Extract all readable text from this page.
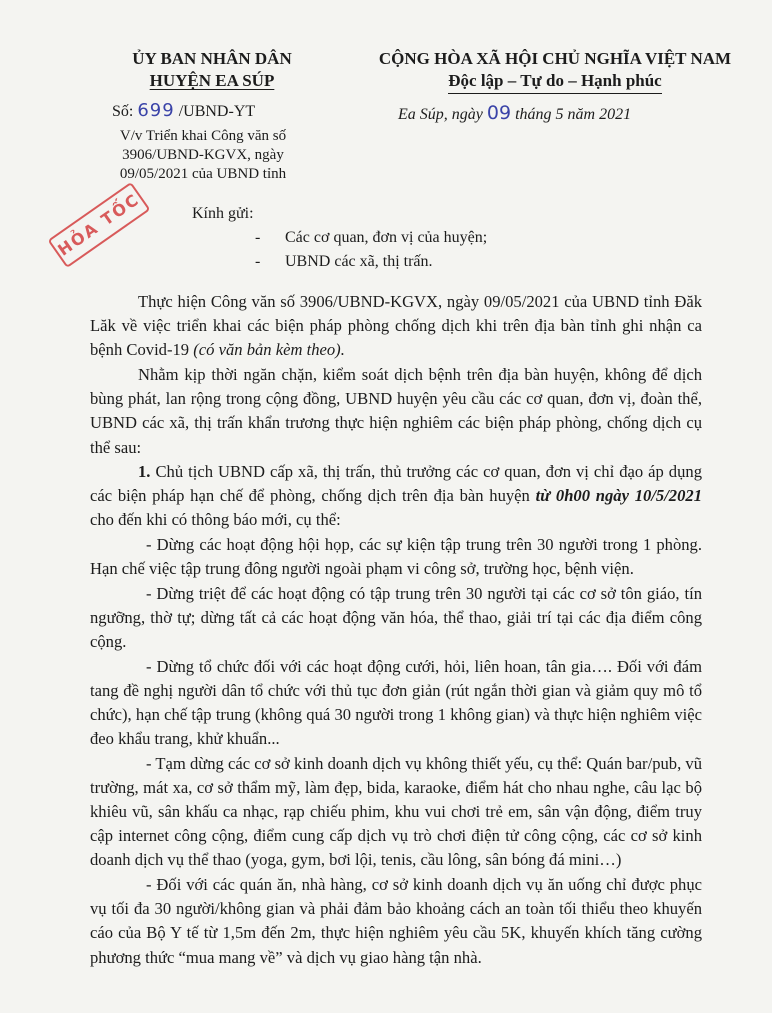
ỦY BAN NHÂN DÂN
HUYỆN EA SÚP
CỘNG HÒA XÃ HỘI CHỦ NGHĨA VIỆT NAM
Độc lập – Tự do – Hạnh phúc
Số: 699 /UBND-YT	Ea Súp, ngày 09 tháng 5 năm 2021
V/v Triển khai Công văn số
3906/UBND-KGVX, ngày
09/05/2021 của UBND tỉnh
HỎA TỐC	Kính gửi:
- Các cơ quan, đơn vị của huyện;
- UBND các xã, thị trấn.

Thực hiện Công văn số 3906/UBND-KGVX, ngày 09/05/2021 của UBND tỉnh Đăk Lăk về việc triển khai các biện pháp phòng chống dịch khi trên địa bàn tỉnh ghi nhận ca bệnh Covid-19 (có văn bản kèm theo).

Nhằm kịp thời ngăn chặn, kiểm soát dịch bệnh trên địa bàn huyện, không để dịch bùng phát, lan rộng trong cộng đồng, UBND huyện yêu cầu các cơ quan, đơn vị, đoàn thể, UBND các xã, thị trấn khẩn trương thực hiện nghiêm các biện pháp phòng, chống dịch cụ thể sau:

1. Chủ tịch UBND cấp xã, thị trấn, thủ trưởng các cơ quan, đơn vị chỉ đạo áp dụng các biện pháp hạn chế để phòng, chống dịch trên địa bàn huyện từ 0h00 ngày 10/5/2021 cho đến khi có thông báo mới, cụ thể:

- Dừng các hoạt động hội họp, các sự kiện tập trung trên 30 người trong 1 phòng. Hạn chế việc tập trung đông người ngoài phạm vi công sở, trường học, bệnh viện.

- Dừng triệt để các hoạt động có tập trung trên 30 người tại các cơ sở tôn giáo, tín ngưỡng, thờ tự; dừng tất cả các hoạt động văn hóa, thể thao, giải trí tại các địa điểm công cộng.

- Dừng tổ chức đối với các hoạt động cưới, hỏi, liên hoan, tân gia…. Đối với đám tang đề nghị người dân tổ chức với thủ tục đơn giản (rút ngắn thời gian và giảm quy mô tổ chức), hạn chế tập trung (không quá 30 người trong 1 không gian) và thực hiện nghiêm việc đeo khẩu trang, khử khuẩn...

- Tạm dừng các cơ sở kinh doanh dịch vụ không thiết yếu, cụ thể: Quán bar/pub, vũ trường, mát xa, cơ sở thẩm mỹ, làm đẹp, bida, karaoke, điểm hát cho nhau nghe, câu lạc bộ khiêu vũ, sân khấu ca nhạc, rạp chiếu phim, khu vui chơi trẻ em, sân vận động, điểm truy cập internet công cộng, điểm cung cấp dịch vụ trò chơi điện tử công cộng, các cơ sở kinh doanh dịch vụ thể thao (yoga, gym, bơi lội, tenis, cầu lông, sân bóng đá mini…)

- Đối với các quán ăn, nhà hàng, cơ sở kinh doanh dịch vụ ăn uống chỉ được phục vụ tối đa 30 người/không gian và phải đảm bảo khoảng cách an toàn tối thiểu theo khuyến cáo của Bộ Y tế từ 1,5m đến 2m, thực hiện nghiêm yêu cầu 5K, khuyến khích tăng cường phương thức “mua mang về” và dịch vụ giao hàng tận nhà.
